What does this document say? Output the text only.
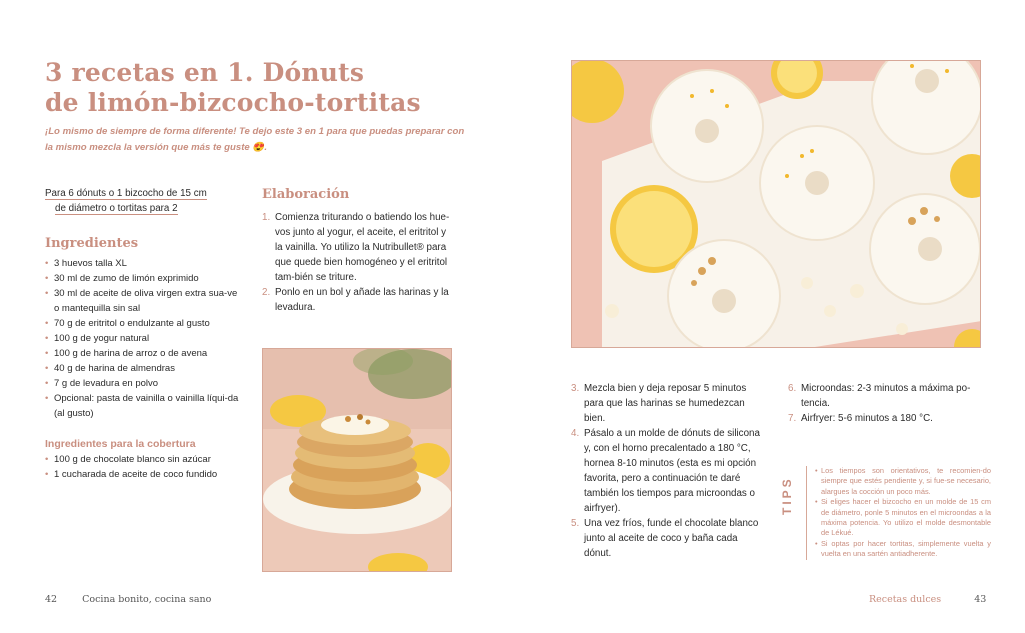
3 recetas en 1. Dónuts
de limón-bizcocho-tortitas

¡Lo mismo de siempre de forma diferente! Te dejo este 3 en 1 para que puedas preparar con la mismo mezcla la versión que más te guste 😍.

Para 6 dónuts o 1 bizcocho de 15 cm
de diámetro o tortitas para 2
Ingredientes
• 3 huevos talla XL
• 30 ml de zumo de limón exprimido
• 30 ml de aceite de oliva virgen extra sua-ve o mantequilla sin sal
• 70 g de eritritol o endulzante al gusto
• 100 g de yogur natural
• 100 g de harina de arroz o de avena
• 40 g de harina de almendras
• 7 g de levadura en polvo
• Opcional: pasta de vainilla o vainilla líqui-da (al gusto)
Ingredientes para la cobertura
• 100 g de chocolate blanco sin azúcar
• 1 cucharada de aceite de coco fundido
Elaboración
1. Comienza triturando o batiendo los hue-vos junto al yogur, el aceite, el eritritol y la vainilla. Yo utilizo la Nutribullet® para que quede bien homogéneo y el eritritol tam-bién se triture.
2. Ponlo en un bol y añade las harinas y la levadura.
3. Mezcla bien y deja reposar 5 minutos para que las harinas se humedezcan bien.
4. Pásalo a un molde de dónuts de silicona y, con el horno precalentado a 180 °C, hornea 8-10 minutos (esta es mi opción favorita, pero a continuación te daré también los tiempos para microondas o airfryer).
5. Una vez fríos, funde el chocolate blanco junto al aceite de coco y baña cada dónut.
6. Microondas: 2-3 minutos a máxima po-tencia.
7. Airfryer: 5-6 minutos a 180 °C.
TIPS
• Los tiempos son orientativos, te recomien-do siempre que estés pendiente y, si fue-se necesario, alargues la cocción un poco más.
• Si eliges hacer el bizcocho en un molde de 15 cm de diámetro, ponle 5 minutos en el microondas a la máxima potencia. Yo utilizo el molde desmontable de Lékué.
• Si optas por hacer tortitas, simplemente vuelta y vuelta en una sartén antiadherente.
42	Cocina bonito, cocina sano	Recetas dulces	43
